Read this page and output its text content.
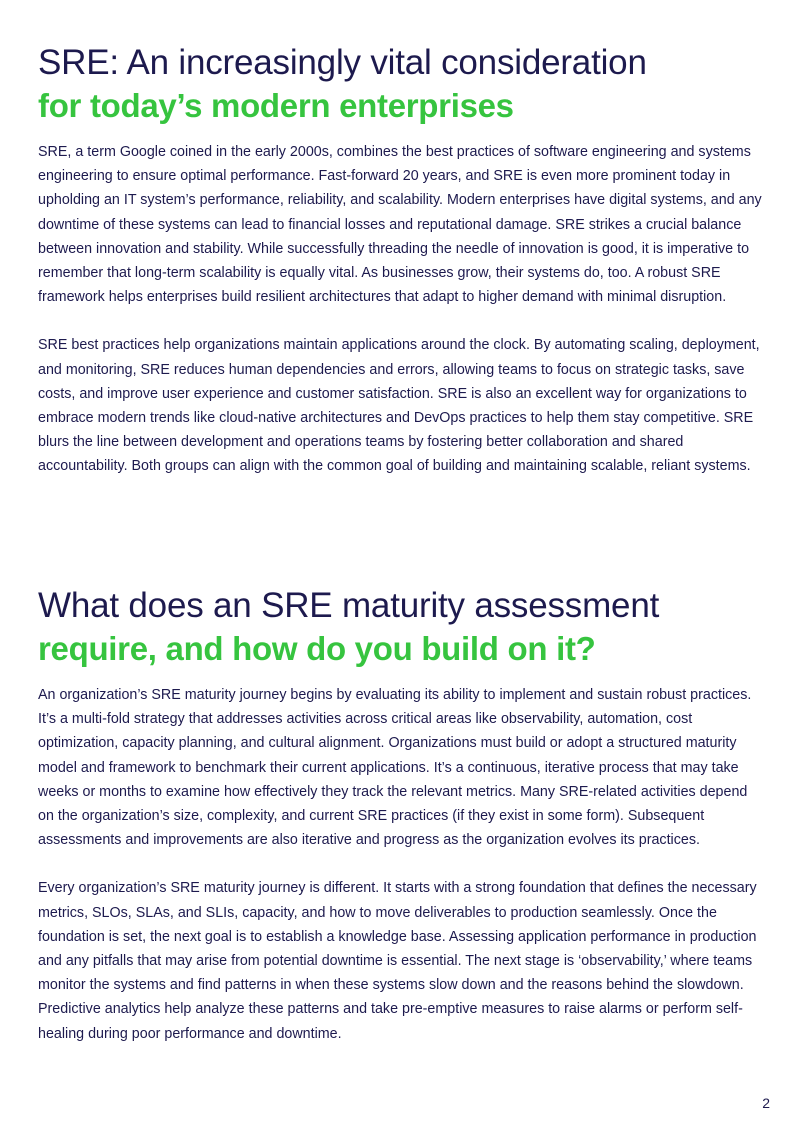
SRE: An increasingly vital consideration
for today’s modern enterprises

SRE, a term Google coined in the early 2000s, combines the best practices of software engineering and systems engineering to ensure optimal performance. Fast-forward 20 years, and SRE is even more prominent today in upholding an IT system’s performance, reliability, and scalability. Modern enterprises have digital systems, and any downtime of these systems can lead to financial losses and reputational damage. SRE strikes a crucial balance between innovation and stability. While successfully threading the needle of innovation is good, it is imperative to remember that long-term scalability is equally vital. As businesses grow, their systems do, too. A robust SRE framework helps enterprises build resilient architectures that adapt to higher demand with minimal disruption.

SRE best practices help organizations maintain applications around the clock. By automating scaling, deployment, and monitoring, SRE reduces human dependencies and errors, allowing teams to focus on strategic tasks, save costs, and improve user experience and customer satisfaction. SRE is also an excellent way for organizations to embrace modern trends like cloud-native architectures and DevOps practices to help them stay competitive. SRE blurs the line between development and operations teams by fostering better collaboration and shared accountability. Both groups can align with the common goal of building and maintaining scalable, reliant systems.

What does an SRE maturity assessment
require, and how do you build on it?

An organization’s SRE maturity journey begins by evaluating its ability to implement and sustain robust practices. It’s a multi-fold strategy that addresses activities across critical areas like observability, automation, cost optimization, capacity planning, and cultural alignment. Organizations must build or adopt a structured maturity model and framework to benchmark their current applications. It’s a continuous, iterative process that may take weeks or months to examine how effectively they track the relevant metrics. Many SRE-related activities depend on the organization’s size, complexity, and current SRE practices (if they exist in some form). Subsequent assessments and improvements are also iterative and progress as the organization evolves its practices.

Every organization’s SRE maturity journey is different. It starts with a strong foundation that defines the necessary metrics, SLOs, SLAs, and SLIs, capacity, and how to move deliverables to production seamlessly. Once the foundation is set, the next goal is to establish a knowledge base. Assessing application performance in production and any pitfalls that may arise from potential downtime is essential. The next stage is ‘observability,’ where teams monitor the systems and find patterns in when these systems slow down and the reasons behind the slowdown. Predictive analytics help analyze these patterns and take pre-emptive measures to raise alarms or perform self-healing during poor performance and downtime.

2
